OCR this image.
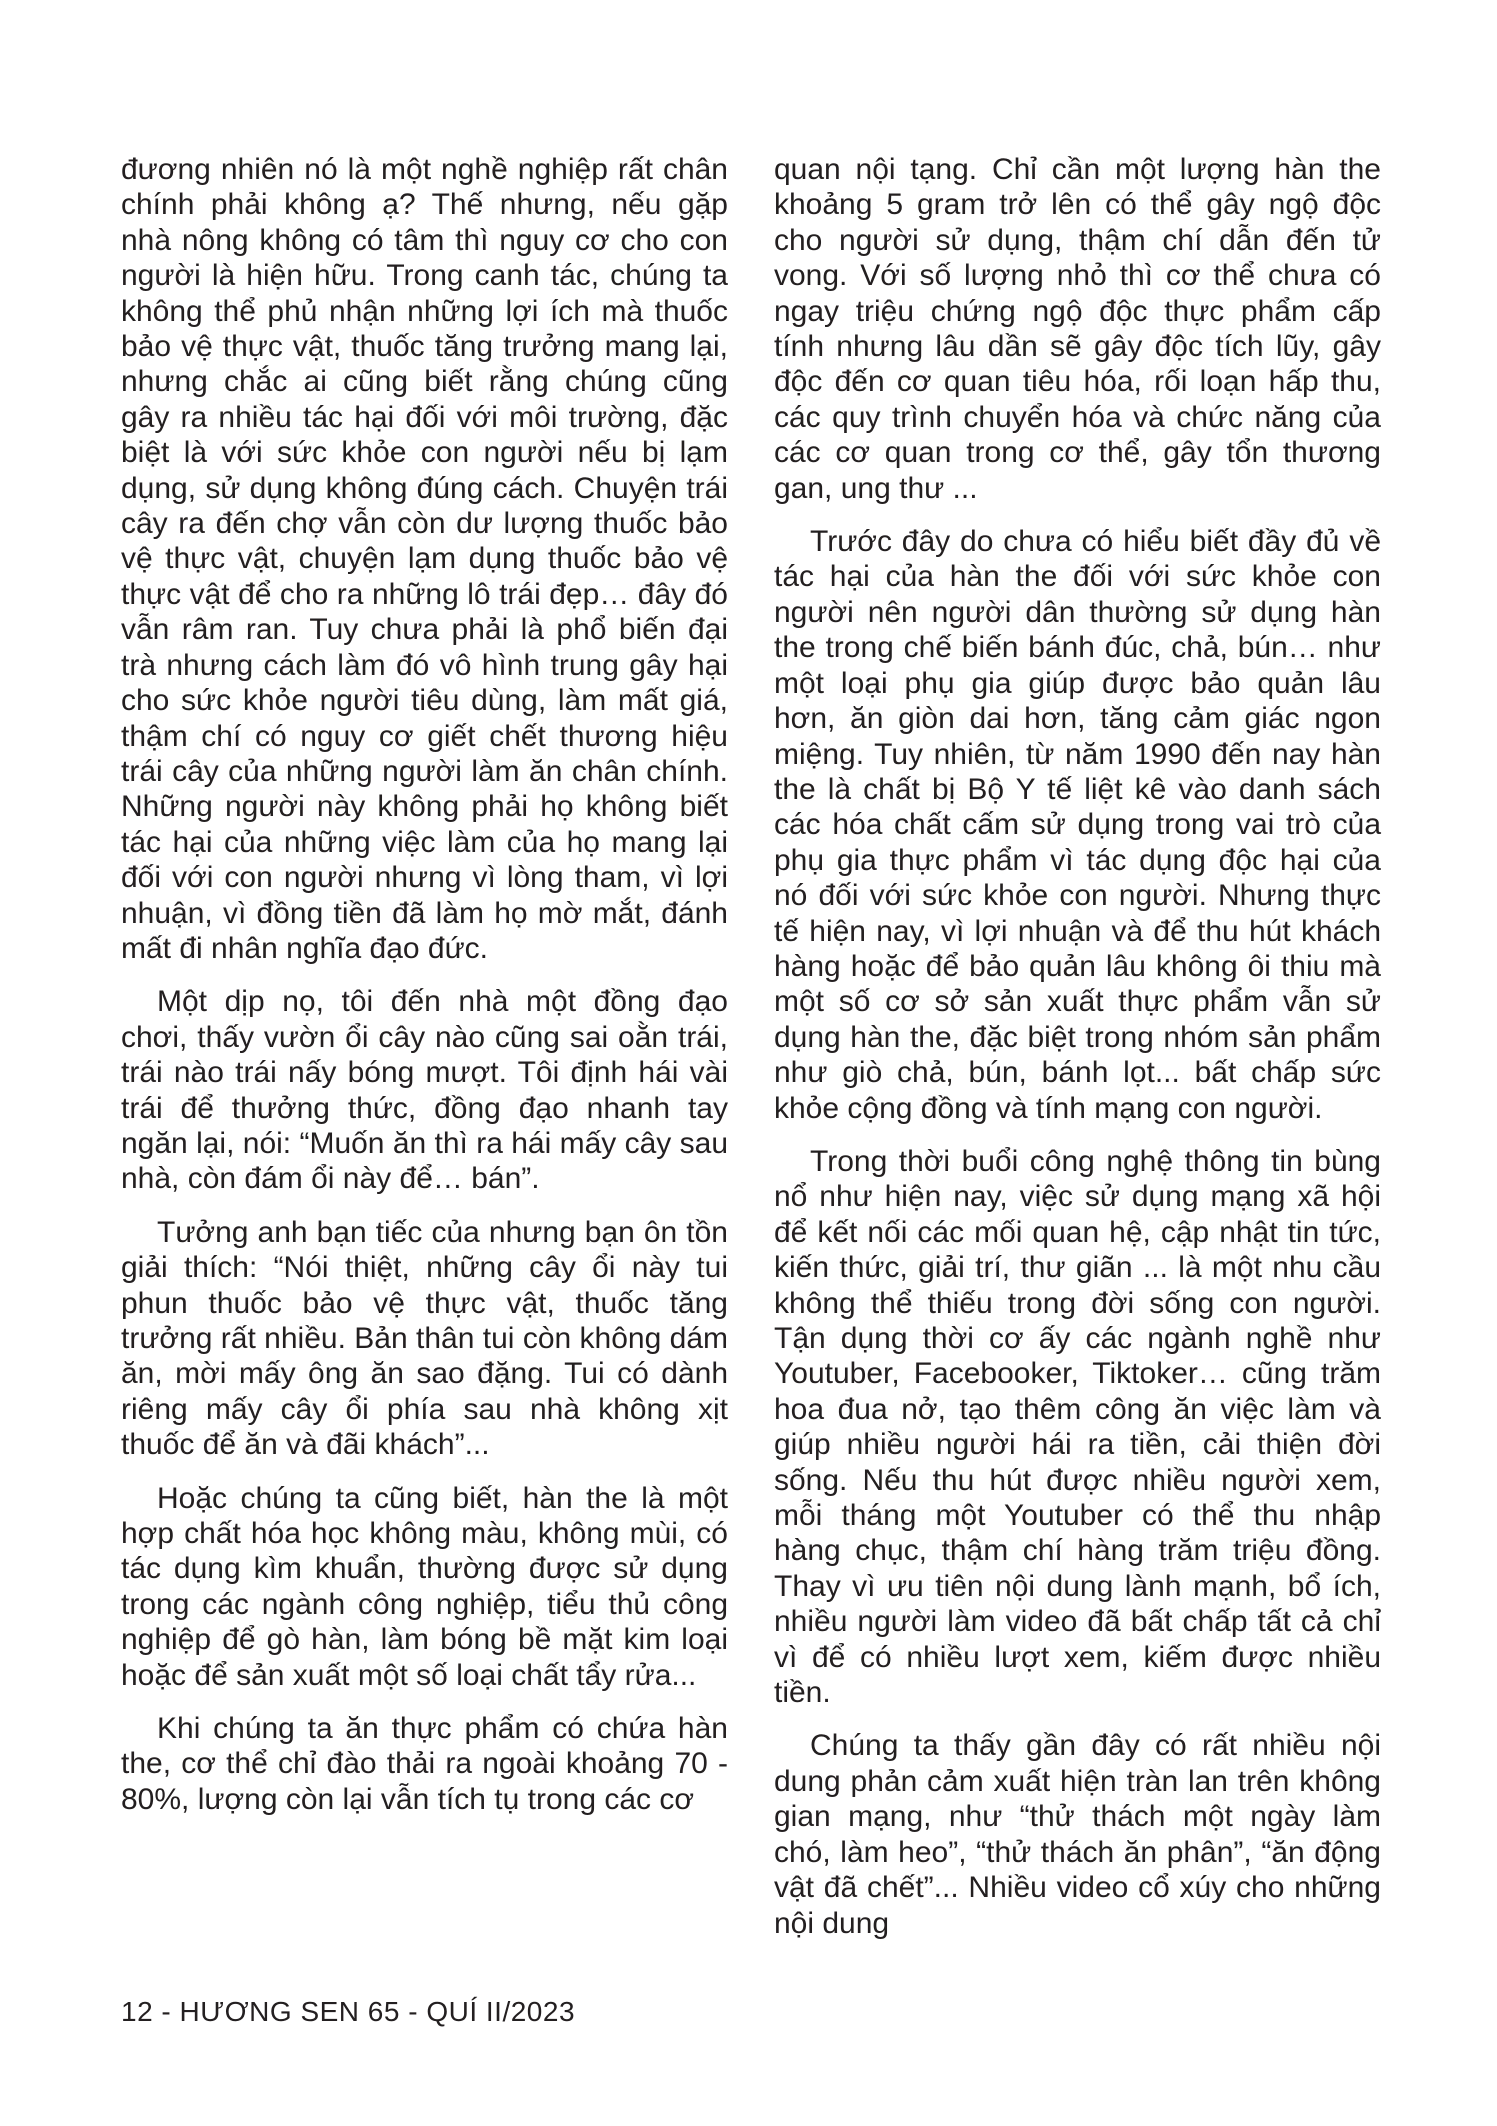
đương nhiên nó là một nghề nghiệp rất chân chính phải không ạ? Thế nhưng, nếu gặp nhà nông không có tâm thì nguy cơ cho con người là hiện hữu. Trong canh tác, chúng ta không thể phủ nhận những lợi ích mà thuốc bảo vệ thực vật, thuốc tăng trưởng mang lại, nhưng chắc ai cũng biết rằng chúng cũng gây ra nhiều tác hại đối với môi trường, đặc biệt là với sức khỏe con người nếu bị lạm dụng, sử dụng không đúng cách. Chuyện trái cây ra đến chợ vẫn còn dư lượng thuốc bảo vệ thực vật, chuyện lạm dụng thuốc bảo vệ thực vật để cho ra những lô trái đẹp… đây đó vẫn râm ran. Tuy chưa phải là phổ biến đại trà nhưng cách làm đó vô hình trung gây hại cho sức khỏe người tiêu dùng, làm mất giá, thậm chí có nguy cơ giết chết thương hiệu trái cây của những người làm ăn chân chính. Những người này không phải họ không biết tác hại của những việc làm của họ mang lại đối với con người nhưng vì lòng tham, vì lợi nhuận, vì đồng tiền đã làm họ mờ mắt, đánh mất đi nhân nghĩa đạo đức.

Một dịp nọ, tôi đến nhà một đồng đạo chơi, thấy vườn ổi cây nào cũng sai oằn trái, trái nào trái nấy bóng mượt. Tôi định hái vài trái để thưởng thức, đồng đạo nhanh tay ngăn lại, nói: “Muốn ăn thì ra hái mấy cây sau nhà, còn đám ổi này để… bán”.

Tưởng anh bạn tiếc của nhưng bạn ôn tồn giải thích: “Nói thiệt, những cây ổi này tui phun thuốc bảo vệ thực vật, thuốc tăng trưởng rất nhiều. Bản thân tui còn không dám ăn, mời mấy ông ăn sao đặng. Tui có dành riêng mấy cây ổi phía sau nhà không xịt thuốc để ăn và đãi khách”...

Hoặc chúng ta cũng biết, hàn the là một hợp chất hóa học không màu, không mùi, có tác dụng kìm khuẩn, thường được sử dụng trong các ngành công nghiệp, tiểu thủ công nghiệp để gò hàn, làm bóng bề mặt kim loại hoặc để sản xuất một số loại chất tẩy rửa...

Khi chúng ta ăn thực phẩm có chứa hàn the, cơ thể chỉ đào thải ra ngoài khoảng 70 - 80%, lượng còn lại vẫn tích tụ trong các cơ

quan nội tạng. Chỉ cần một lượng hàn the khoảng 5 gram trở lên có thể gây ngộ độc cho người sử dụng, thậm chí dẫn đến tử vong. Với số lượng nhỏ thì cơ thể chưa có ngay triệu chứng ngộ độc thực phẩm cấp tính nhưng lâu dần sẽ gây độc tích lũy, gây độc đến cơ quan tiêu hóa, rối loạn hấp thu, các quy trình chuyển hóa và chức năng của các cơ quan trong cơ thể, gây tổn thương gan, ung thư ...

Trước đây do chưa có hiểu biết đầy đủ về tác hại của hàn the đối với sức khỏe con người nên người dân thường sử dụng hàn the trong chế biến bánh đúc, chả, bún… như một loại phụ gia giúp được bảo quản lâu hơn, ăn giòn dai hơn, tăng cảm giác ngon miệng. Tuy nhiên, từ năm 1990 đến nay hàn the là chất bị Bộ Y tế liệt kê vào danh sách các hóa chất cấm sử dụng trong vai trò của phụ gia thực phẩm vì tác dụng độc hại của nó đối với sức khỏe con người. Nhưng thực tế hiện nay, vì lợi nhuận và để thu hút khách hàng hoặc để bảo quản lâu không ôi thiu mà một số cơ sở sản xuất thực phẩm vẫn sử dụng hàn the, đặc biệt trong nhóm sản phẩm như giò chả, bún, bánh lọt... bất chấp sức khỏe cộng đồng và tính mạng con người.

Trong thời buổi công nghệ thông tin bùng nổ như hiện nay, việc sử dụng mạng xã hội để kết nối các mối quan hệ, cập nhật tin tức, kiến thức, giải trí, thư giãn ... là một nhu cầu không thể thiếu trong đời sống con người. Tận dụng thời cơ ấy các ngành nghề như Youtuber, Facebooker, Tiktoker… cũng trăm hoa đua nở, tạo thêm công ăn việc làm và giúp nhiều người hái ra tiền, cải thiện đời sống. Nếu thu hút được nhiều người xem, mỗi tháng một Youtuber có thể thu nhập hàng chục, thậm chí hàng trăm triệu đồng. Thay vì ưu tiên nội dung lành mạnh, bổ ích, nhiều người làm video đã bất chấp tất cả chỉ vì để có nhiều lượt xem, kiếm được nhiều tiền.

Chúng ta thấy gần đây có rất nhiều nội dung phản cảm xuất hiện tràn lan trên không gian mạng, như “thử thách một ngày làm chó, làm heo”, “thử thách ăn phân”, “ăn động vật đã chết”... Nhiều video cổ xúy cho những nội dung

12 - HƯƠNG SEN 65 - QUÍ II/2023
